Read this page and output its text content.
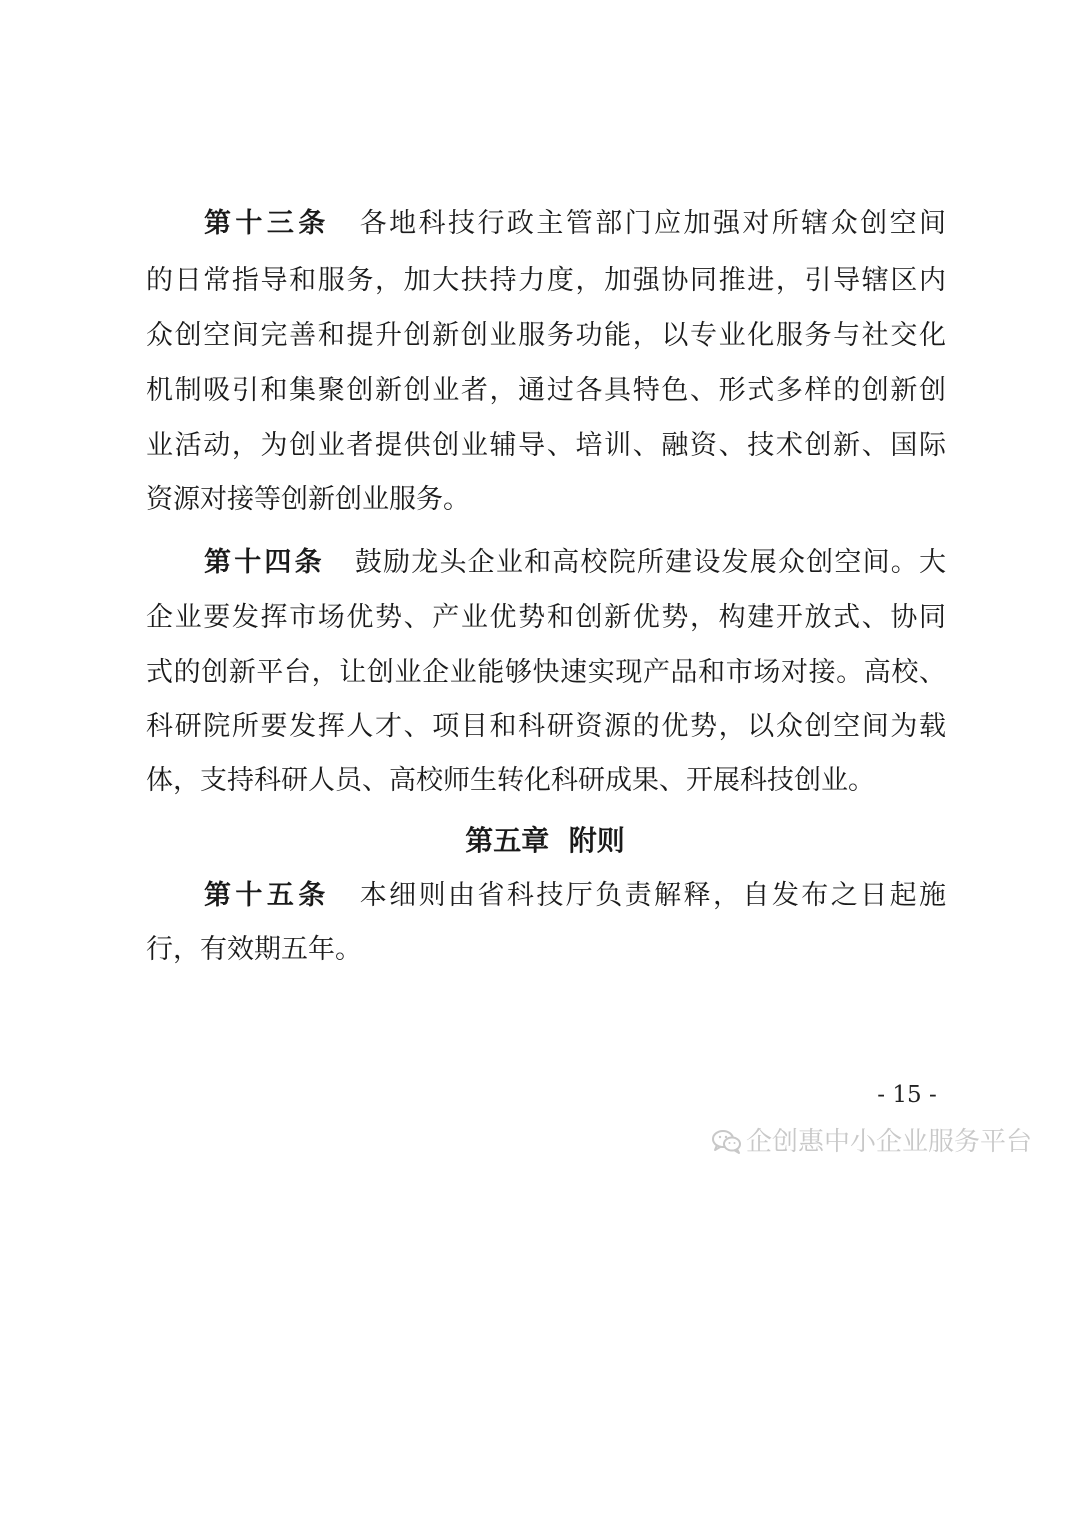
第十三条 各地科技行政主管部门应加强对所辖众创空间
的日常指导和服务，加大扶持力度，加强协同推进，引导辖区内
众创空间完善和提升创新创业服务功能，以专业化服务与社交化
机制吸引和集聚创新创业者，通过各具特色、形式多样的创新创
业活动，为创业者提供创业辅导、培训、融资、技术创新、国际
资源对接等创新创业服务。
第十四条 鼓励龙头企业和高校院所建设发展众创空间。大
企业要发挥市场优势、产业优势和创新优势，构建开放式、协同
式的创新平台，让创业企业能够快速实现产品和市场对接。高校、
科研院所要发挥人才、项目和科研资源的优势，以众创空间为载
体，支持科研人员、高校师生转化科研成果、开展科技创业。
第五章  附则
第十五条 本细则由省科技厅负责解释，自发布之日起施
行，有效期五年。
- 15 -
企创惠中小企业服务平台
